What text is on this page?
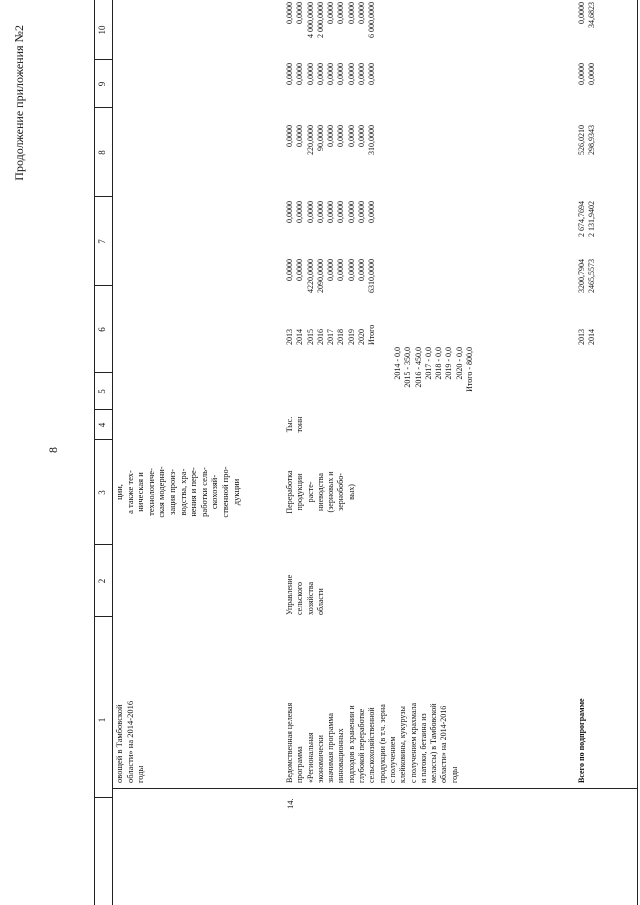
8
Продолжение приложения №2
1
2
3
4
5
6
7
8
9
10
овощей в Тамбовской области» на 2014-2016 годы
ции, а также тех- ническая и технологиче- ская модерни- зация произ- водства, хра- нения и пере- работки сель- скохозяй- ственной про- дукции
14.
Ведомственная целевая программа «Региональная экономически значимая программа инновационных подходов в хранении и глубокой переработке сельскохозяйственной продукции (в т.ч. зерна с получением клейковины, кукурузы с получением крахмала и патоки, бетаина из мелассы) в Тамбовской области» на 2014-2016 годы
Управление сельского хозяйства области
Переработка продукции расте- ниеводства (зерновых и зернобобо- вых)
Тыс. тонн
2014 - 0,0 2015 - 350,0 2016 - 450,0 2017 - 0,0 2018 - 0,0 2019 - 0,0 2020 - 0,0 Итого - 800,0
2013 2014 2015 2016 2017 2018 2019 2020 Итого
0,0000 0,0000 4220,0000 2090,0000 0,0000 0,0000 0,0000 0,0000 6310,0000
0,0000 0,0000 0,0000 0,0000 0,0000 0,0000 0,0000 0,0000 0,0000
0,0000 0,0000 220,0000 90,0000 0,0000 0,0000 0,0000 0,0000 310,0000
0,0000 0,0000 0,0000 0,0000 0,0000 0,0000 0,0000 0,0000 0,0000
0,0000 0,0000 4 000,0000 2 000,0000 0,0000 0,0000 0,0000 0,0000 6 000,0000
Всего по подпрограмме
2013 2014
3200,7904 2465,5573
2 674,7694 2 131,9402
526,0210 298,9343
0,0000 0,0000
0,0000 34,6823
